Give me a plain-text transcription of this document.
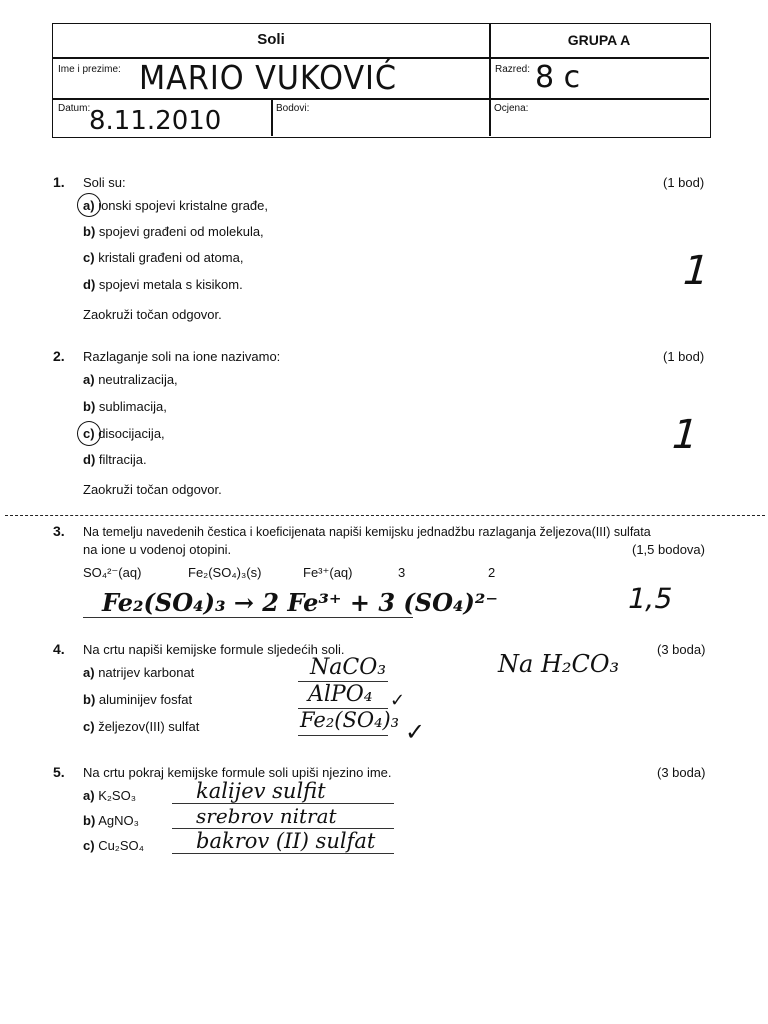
Soli	GRUPA A
Ime i prezime: MARIO VUKOVIĆ	Razred: 8 c
Datum:
8.11.2010	Bodovi:	Ocjena:
1. Soli su:	(1 bod)
a) ionski spojevi kristalne građe,
b) spojevi građeni od molekula,
c) kristali građeni od atoma,
d) spojevi metala s kisikom.
Zaokruži točan odgovor.
1
2. Razlaganje soli na ione nazivamo:	(1 bod)
a) neutralizacija,
b) sublimacija,
c) disocijacija,
d) filtracija.
Zaokruži točan odgovor.
1
3. Na temelju navedenih čestica i koeficijenata napiši kemijsku jednadžbu razlaganja željezova(III) sulfata
na ione u vodenoj otopini.	(1,5 bodova)
SO₄²⁻(aq)	Fe₂(SO₄)₃(s)	Fe³⁺(aq)	3	2
Fe₂(SO₄)₃ → 2 Fe³⁺ + 3 (SO₄)²⁻	1,5
4. Na crtu napiši kemijske formule sljedećih soli.	(3 boda)
a) natrijev karbonat	NaCO₃
b) aluminijev fosfat	AlPO₄ ✓
c) željezov(III) sulfat	Fe₂(SO₄)₃ ✓
Na H₂CO₃
5. Na crtu pokraj kemijske formule soli upiši njezino ime.	(3 boda)
a) K₂SO₃	kalijev sulfit
b) AgNO₃	srebrov nitrat
c) Cu₂SO₄ bakrov (II) sulfat
